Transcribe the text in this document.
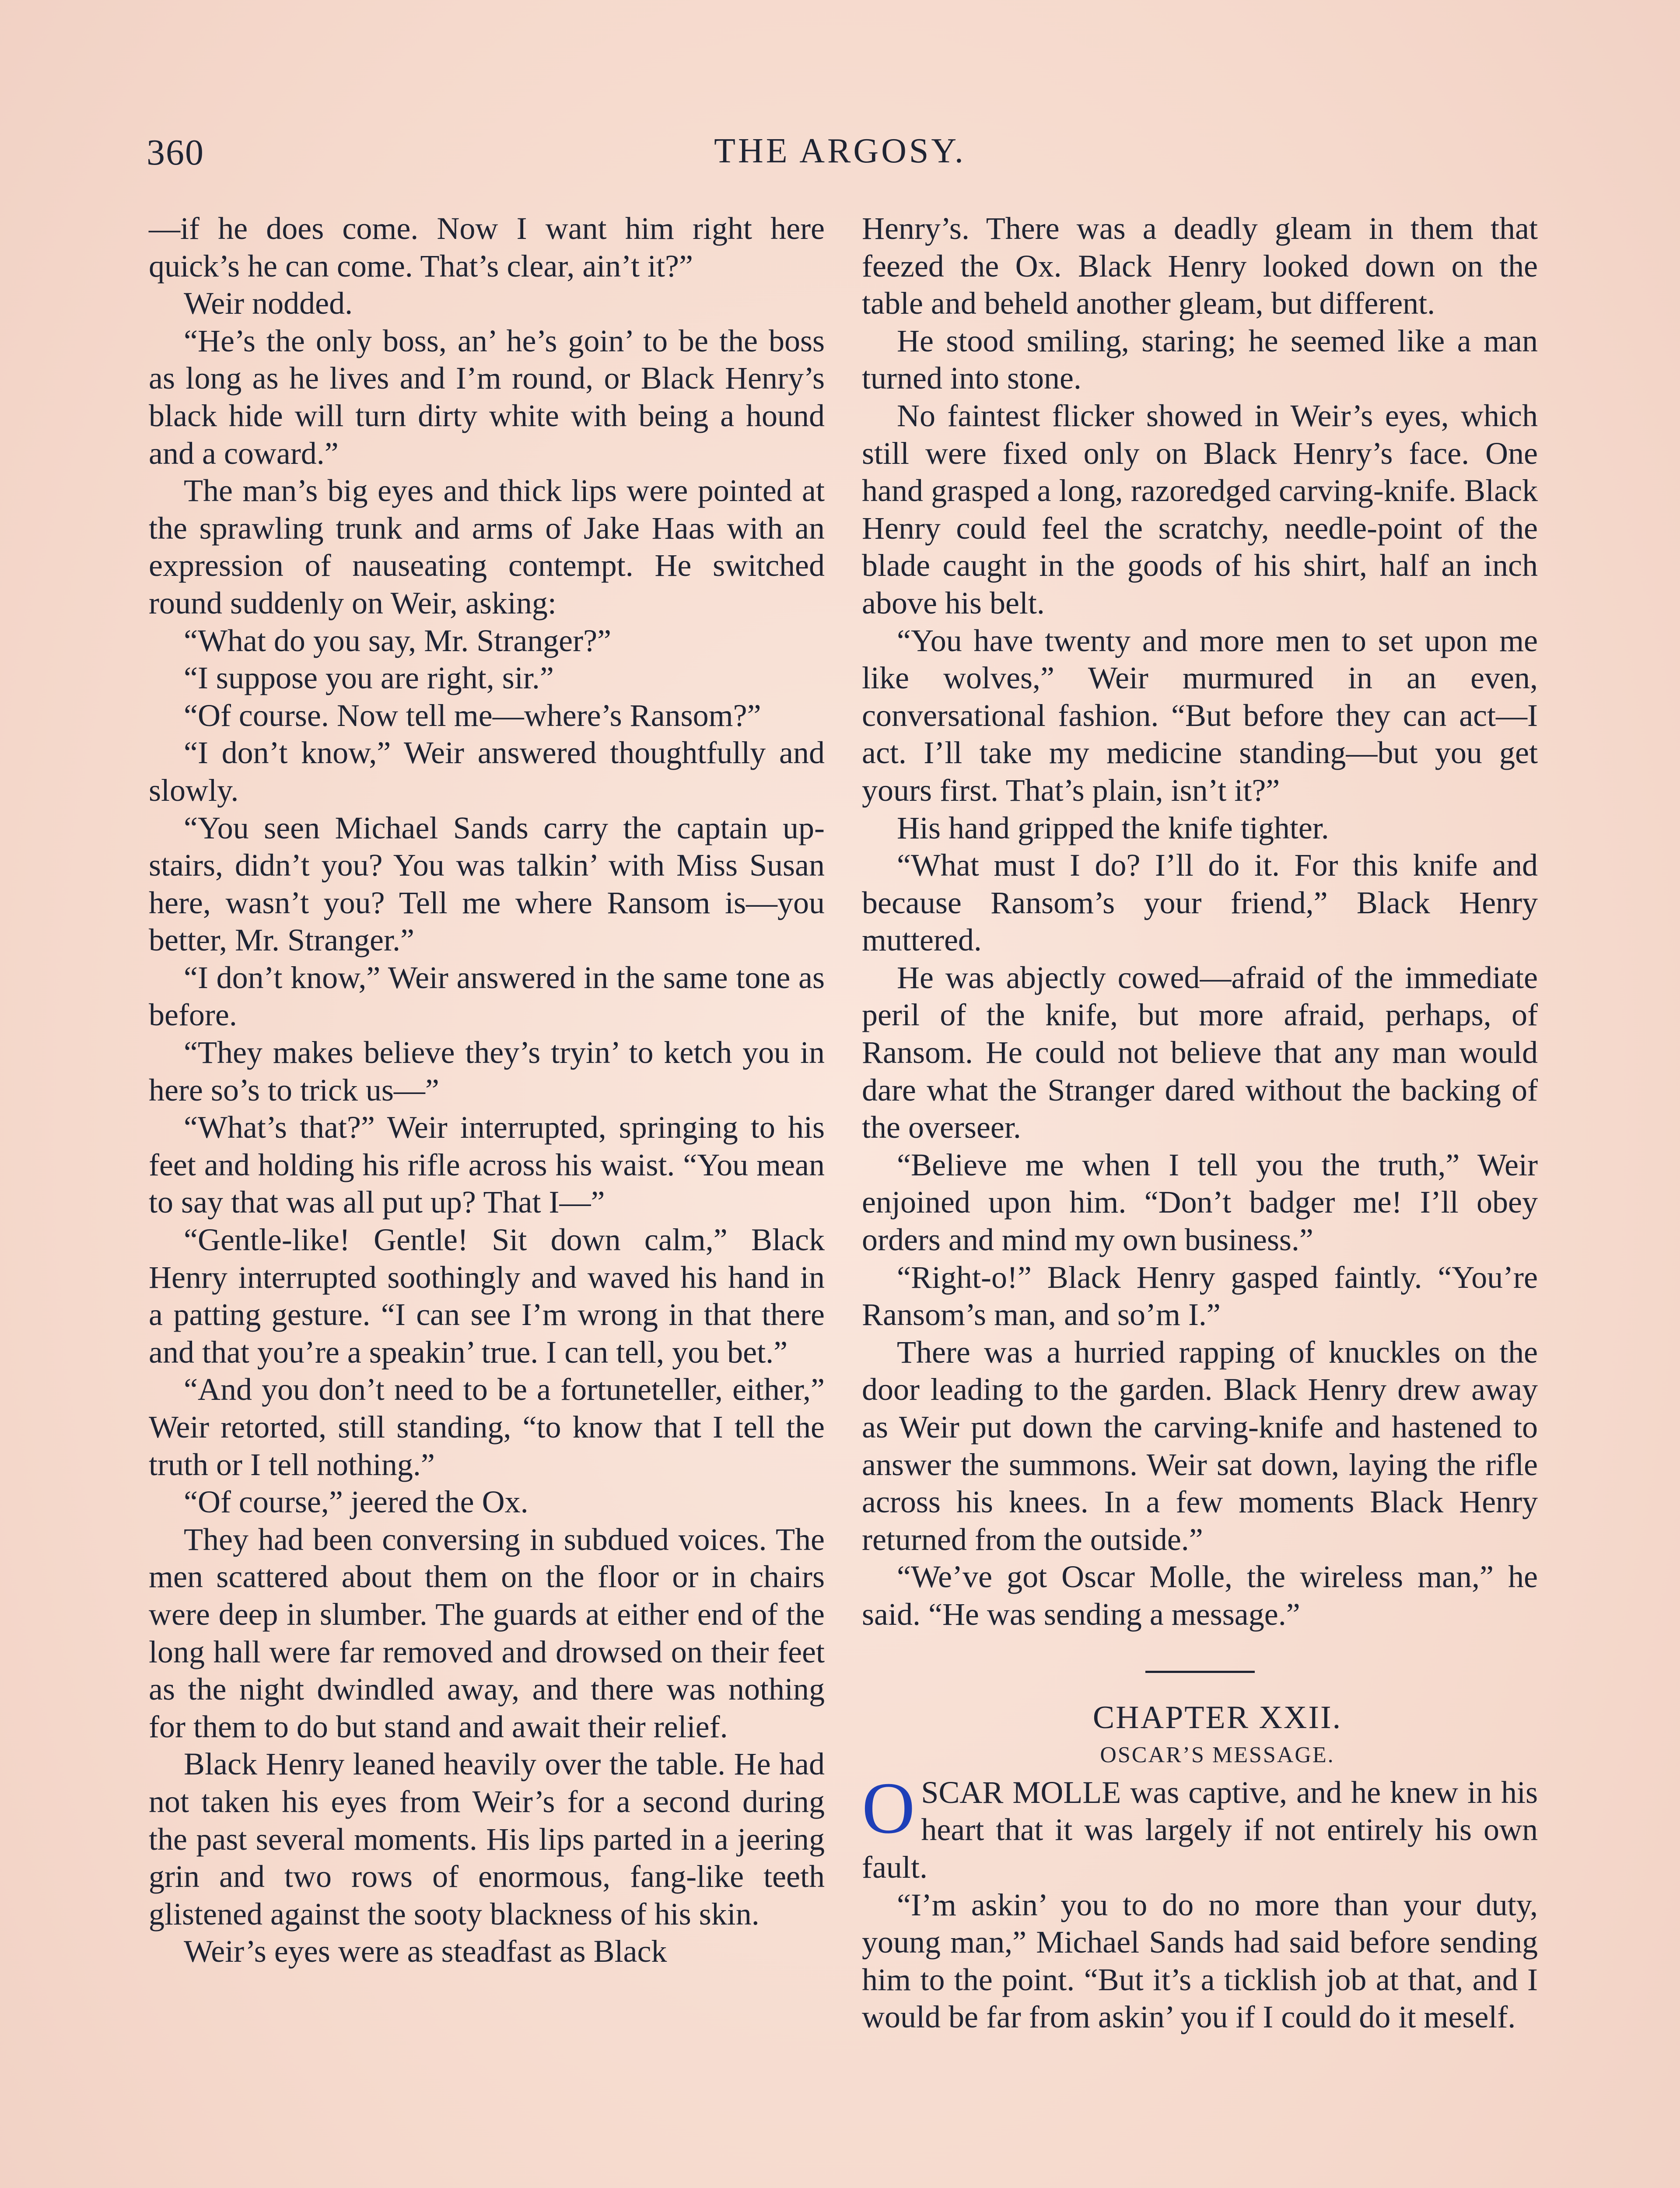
360	THE ARGOSY.

—if he does come. Now I want him right here quick’s he can come. That’s clear, ain’t it?”

Weir nodded.

“He’s the only boss, an’ he’s goin’ to be the boss as long as he lives and I’m round, or Black Henry’s black hide will turn dirty white with being a hound and a coward.”

The man’s big eyes and thick lips were pointed at the sprawling trunk and arms of Jake Haas with an expression of nauseating contempt. He switched round suddenly on Weir, asking:

“What do you say, Mr. Stranger?”

“I suppose you are right, sir.”

“Of course. Now tell me—where’s Ransom?”

“I don’t know,” Weir answered thoughtfully and slowly.

“You seen Michael Sands carry the captain up-stairs, didn’t you? You was talkin’ with Miss Susan here, wasn’t you? Tell me where Ransom is—you better, Mr. Stranger.”

“I don’t know,” Weir answered in the same tone as before.

“They makes believe they’s tryin’ to ketch you in here so’s to trick us—”

“What’s that?” Weir interrupted, springing to his feet and holding his rifle across his waist. “You mean to say that was all put up? That I—”

“Gentle-like! Gentle! Sit down calm,” Black Henry interrupted soothingly and waved his hand in a patting gesture. “I can see I’m wrong in that there and that you’re a speakin’ true. I can tell, you bet.”

“And you don’t need to be a fortuneteller, either,” Weir retorted, still standing, “to know that I tell the truth or I tell nothing.”

“Of course,” jeered the Ox.

They had been conversing in subdued voices. The men scattered about them on the floor or in chairs were deep in slumber. The guards at either end of the long hall were far removed and drowsed on their feet as the night dwindled away, and there was nothing for them to do but stand and await their relief.

Black Henry leaned heavily over the table. He had not taken his eyes from Weir’s for a second during the past several moments. His lips parted in a jeering grin and two rows of enormous, fang-like teeth glistened against the sooty blackness of his skin.

Weir’s eyes were as steadfast as Black

Henry’s. There was a deadly gleam in them that feezed the Ox. Black Henry looked down on the table and beheld another gleam, but different.

He stood smiling, staring; he seemed like a man turned into stone.

No faintest flicker showed in Weir’s eyes, which still were fixed only on Black Henry’s face. One hand grasped a long, razoredged carving-knife. Black Henry could feel the scratchy, needle-point of the blade caught in the goods of his shirt, half an inch above his belt.

“You have twenty and more men to set upon me like wolves,” Weir murmured in an even, conversational fashion. “But before they can act—I act. I’ll take my medicine standing—but you get yours first. That’s plain, isn’t it?”

His hand gripped the knife tighter.

“What must I do? I’ll do it. For this knife and because Ransom’s your friend,” Black Henry muttered.

He was abjectly cowed—afraid of the immediate peril of the knife, but more afraid, perhaps, of Ransom. He could not believe that any man would dare what the Stranger dared without the backing of the overseer.

“Believe me when I tell you the truth,” Weir enjoined upon him. “Don’t badger me! I’ll obey orders and mind my own business.”

“Right-o!” Black Henry gasped faintly. “You’re Ransom’s man, and so’m I.”

There was a hurried rapping of knuckles on the door leading to the garden. Black Henry drew away as Weir put down the carving-knife and hastened to answer the summons. Weir sat down, laying the rifle across his knees. In a few moments Black Henry returned from the outside.”

“We’ve got Oscar Molle, the wireless man,” he said. “He was sending a message.”

CHAPTER XXII.

OSCAR’S MESSAGE.

OSCAR MOLLE was captive, and he knew in his heart that it was largely if not entirely his own fault.

“I’m askin’ you to do no more than your duty, young man,” Michael Sands had said before sending him to the point. “But it’s a ticklish job at that, and I would be far from askin’ you if I could do it meself.
